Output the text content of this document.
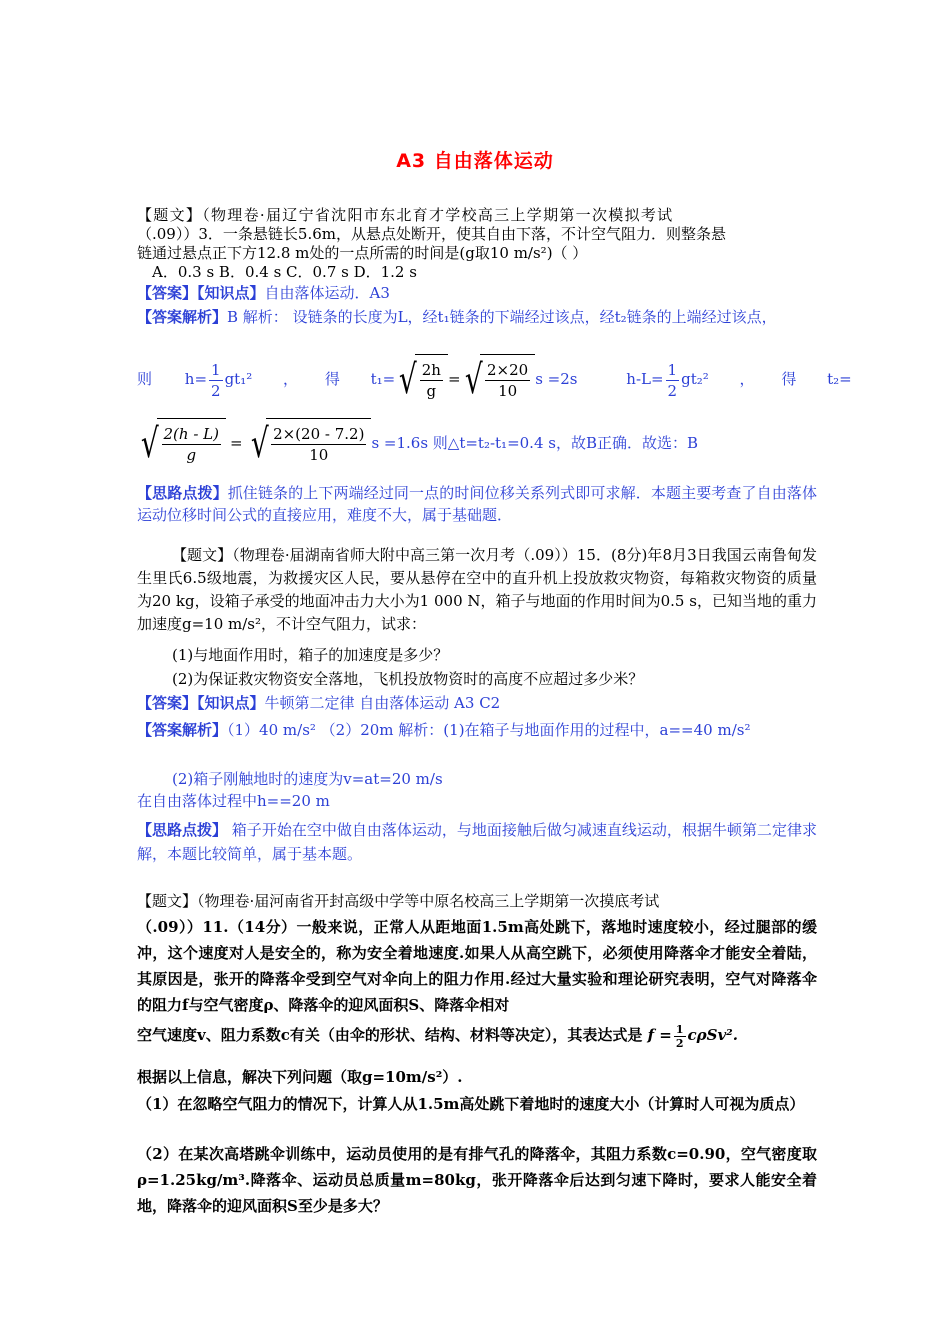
A3 自由落体运动
【题文】（物理卷·届辽宁省沈阳市东北育才学校高三上学期第一次模拟考试
（.09））3．一条悬链长5.6m，从悬点处断开，使其自由下落，不计空气阻力．则整条悬
链通过悬点正下方12.8 m处的一点所需的时间是(g取10 m/s²)（ ）
A．0.3 s B．0.4 s C．0.7 s D．1.2 s
【答案】【知识点】自由落体运动．A3
【答案解析】B 解析： 设链条的长度为L，经t₁链条的下端经过该点，经t₂链条的上端经过该点，
则 $h= \frac{1}{2} gt_1^2$ ， 得 t₁= √ $\frac{2h}{g}$ = √ $\frac{2\times 20}{10}$ s =2s	$h-L= \frac{1}{2} gt_2^2$ ， 得 t₂=
√ $\frac{2(h - L)}{g}$ = √ $\frac{2\times(20 - 7.2)}{10}$ s =1.6s 则△t=t₂-t₁=0.4 s，故B正确．故选：B
【思路点拨】抓住链条的上下两端经过同一点的时间位移关系列式即可求解．本题主要考查了自由落体运动位移时间公式的直接应用，难度不大，属于基础题．
【题文】（物理卷·届湖南省师大附中高三第一次月考（.09））15．(8分)年8月3日我国云南鲁甸发生里氏6.5级地震，为救援灾区人民，要从悬停在空中的直升机上投放救灾物资，每箱救灾物资的质量为20 kg，设箱子承受的地面冲击力大小为1 000 N，箱子与地面的作用时间为0.5 s，已知当地的重力加速度g=10 m/s²，不计空气阻力，试求：
(1)与地面作用时，箱子的加速度是多少？
(2)为保证救灾物资安全落地，飞机投放物资时的高度不应超过多少米？
【答案】【知识点】牛顿第二定律 自由落体运动 A3 C2
【答案解析】（1）40 m/s² （2）20m 解析：(1)在箱子与地面作用的过程中，a==40 m/s²
(2)箱子刚触地时的速度为v=at=20 m/s
在自由落体过程中h==20 m
【思路点拨】 箱子开始在空中做自由落体运动，与地面接触后做匀减速直线运动，根据牛顿第二定律求解，本题比较简单，属于基本题。
【题文】（物理卷·届河南省开封高级中学等中原名校高三上学期第一次摸底考试
（.09））11.（14分）一般来说，正常人从距地面1.5m高处跳下，落地时速度较小，经过腿部的缓冲，这个速度对人是安全的，称为安全着地速度.如果人从高空跳下，必须使用降落伞才能安全着陆，其原因是，张开的降落伞受到空气对伞向上的阻力作用.经过大量实验和理论研究表明，空气对降落伞的阻力f与空气密度ρ、降落伞的迎风面积S、降落伞相对
空气速度v、阻力系数c有关（由伞的形状、结构、材料等决定），其表达式是 $f = \frac{1}{2} c\rho Sv^2$.
根据以上信息，解决下列问题（取g=10m/s²）.
（1）在忽略空气阻力的情况下，计算人从1.5m高处跳下着地时的速度大小（计算时人可视为质点）
（2）在某次高塔跳伞训练中，运动员使用的是有排气孔的降落伞，其阻力系数c=0.90，空气密度取ρ=1.25kg/m³.降落伞、运动员总质量m=80kg，张开降落伞后达到匀速下降时，要求人能安全着地，降落伞的迎风面积S至少是多大？
